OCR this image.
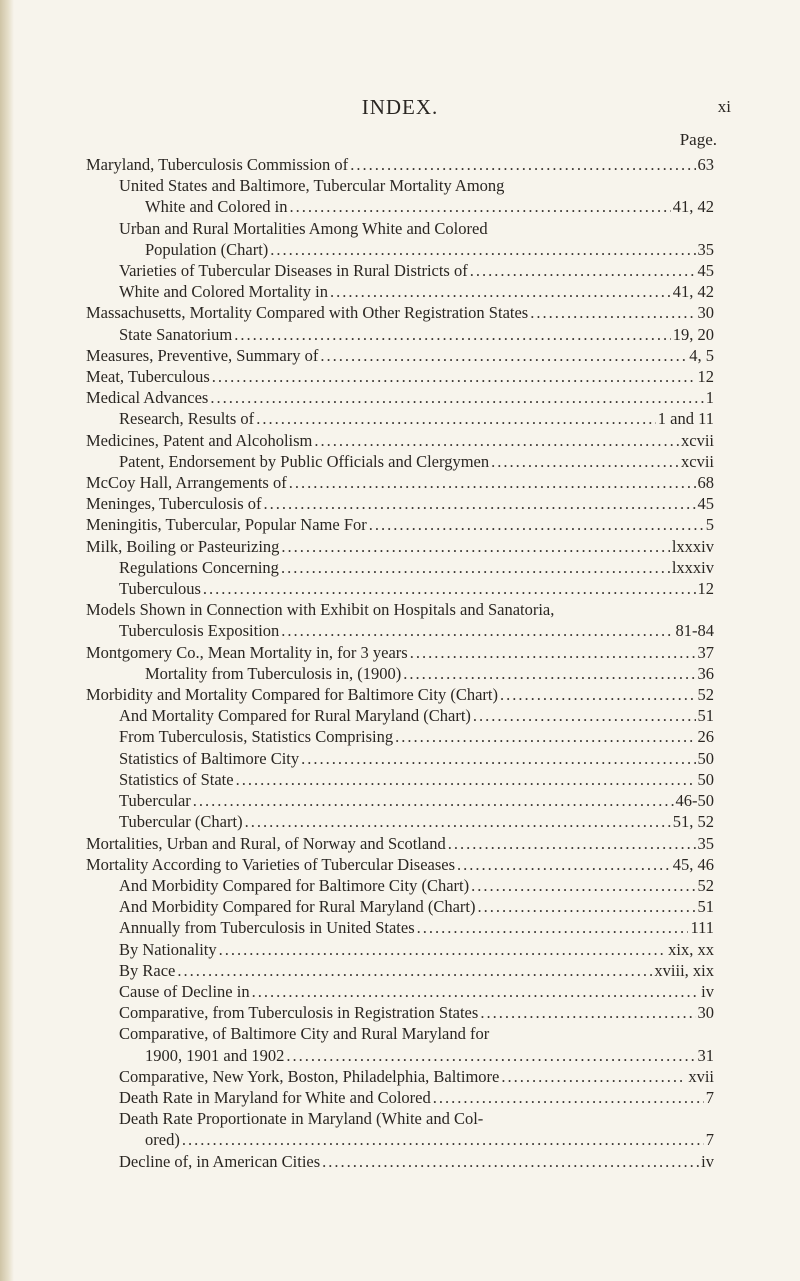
INDEX.	xi
Page.
Maryland, Tuberculosis Commission of .....	63
United States and Baltimore, Tubercular Mortality Among
White and Colored in .....	41, 42
Urban and Rural Mortalities Among White and Colored
Population (Chart) .....	35
Varieties of Tubercular Diseases in Rural Districts of .....	45
White and Colored Mortality in .....	41, 42
Massachusetts, Mortality Compared with Other Registration States .....	30
State Sanatorium .....	19, 20
Measures, Preventive, Summary of .....	4, 5
Meat, Tuberculous .....	12
Medical Advances .....	1
Research, Results of .....	1 and 11
Medicines, Patent and Alcoholism .....	xcvii
Patent, Endorsement by Public Officials and Clergymen .....	xcvii
McCoy Hall, Arrangements of .....	68
Meninges, Tuberculosis of .....	45
Meningitis, Tubercular, Popular Name For .....	5
Milk, Boiling or Pasteurizing .....	lxxxiv
Regulations Concerning .....	lxxxiv
Tuberculous .....	12
Models Shown in Connection with Exhibit on Hospitals and Sanatoria,
Tuberculosis Exposition .....	81-84
Montgomery Co., Mean Mortality in, for 3 years .....	37
Mortality from Tuberculosis in, (1900) .....	36
Morbidity and Mortality Compared for Baltimore City (Chart) .....	52
And Mortality Compared for Rural Maryland (Chart) .....	51
From Tuberculosis, Statistics Comprising .....	26
Statistics of Baltimore City .....	50
Statistics of State .....	50
Tubercular .....	46-50
Tubercular (Chart) .....	51, 52
Mortalities, Urban and Rural, of Norway and Scotland .....	35
Mortality According to Varieties of Tubercular Diseases .....	45, 46
And Morbidity Compared for Baltimore City (Chart) .....	52
And Morbidity Compared for Rural Maryland (Chart) .....	51
Annually from Tuberculosis in United States .....	111
By Nationality .....	xix, xx
By Race .....	xviii, xix
Cause of Decline in .....	iv
Comparative, from Tuberculosis in Registration States .....	30
Comparative, of Baltimore City and Rural Maryland for
1900, 1901 and 1902 .....	31
Comparative, New York, Boston, Philadelphia, Baltimore .....	xvii
Death Rate in Maryland for White and Colored .....	7
Death Rate Proportionate in Maryland (White and Col-
ored) .....	7
Decline of, in American Cities .....	iv
